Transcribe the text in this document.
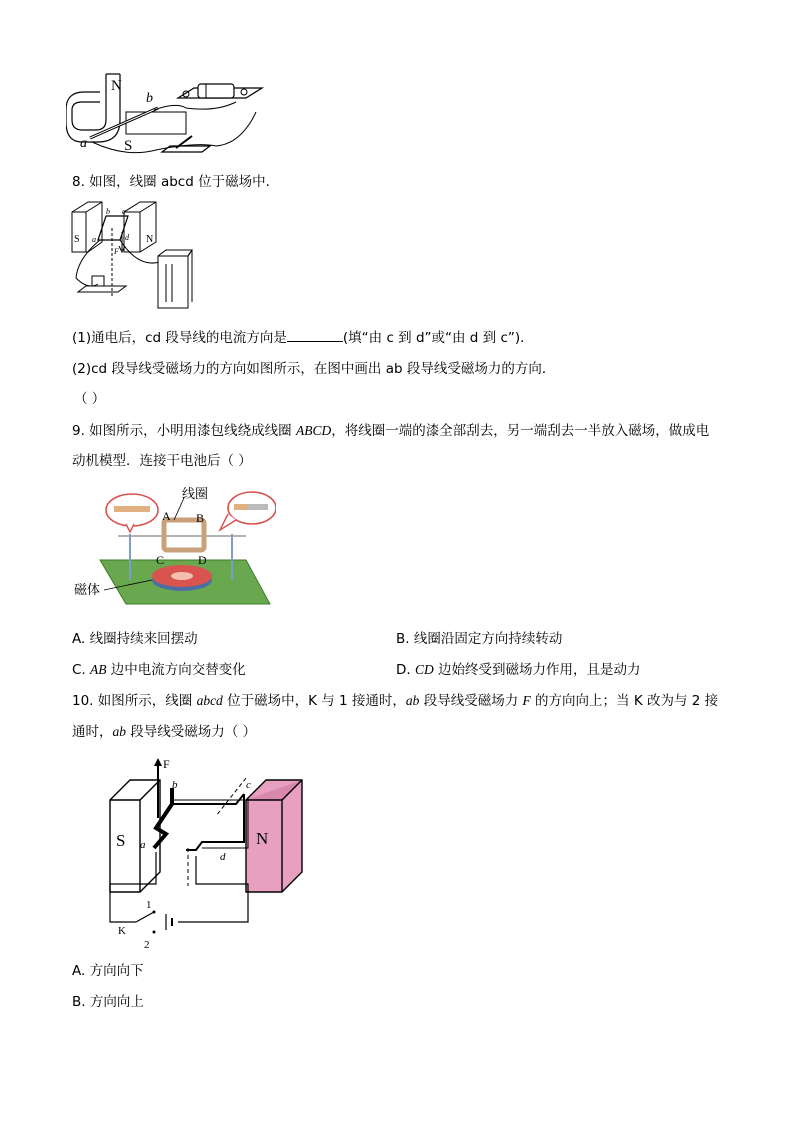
N
S
a
b
8. 如图，线圈 abcd 位于磁场中．
S	N
b c
a	d
F
(1)通电后，cd 段导线的电流方向是	(填“由 c 到 d”或“由 d 到 c”)．
(2)cd 段导线受磁场力的方向如图所示，在图中画出 ab 段导线受磁场力的方向．
（ ）
9. 如图所示，小明用漆包线绕成线圈 ABCD，将线圈一端的漆全部刮去，另一端刮去一半放入磁场，做成电
动机模型．连接干电池后（ ）
线圈
A B
C	D
磁体
A. 线圈持续来回摆动	B. 线圈沿固定方向持续转动
C. AB 边中电流方向交替变化	D. CD 边始终受到磁场力作用，且是动力
10. 如图所示，线圈 abcd 位于磁场中，K 与 1 接通时，ab 段导线受磁场力 F 的方向向上；当 K 改为与 2 接
通时，ab 段导线受磁场力（ ）
F
S	N
a
b	c
d
1
K
2
A. 方向向下
B. 方向向上
